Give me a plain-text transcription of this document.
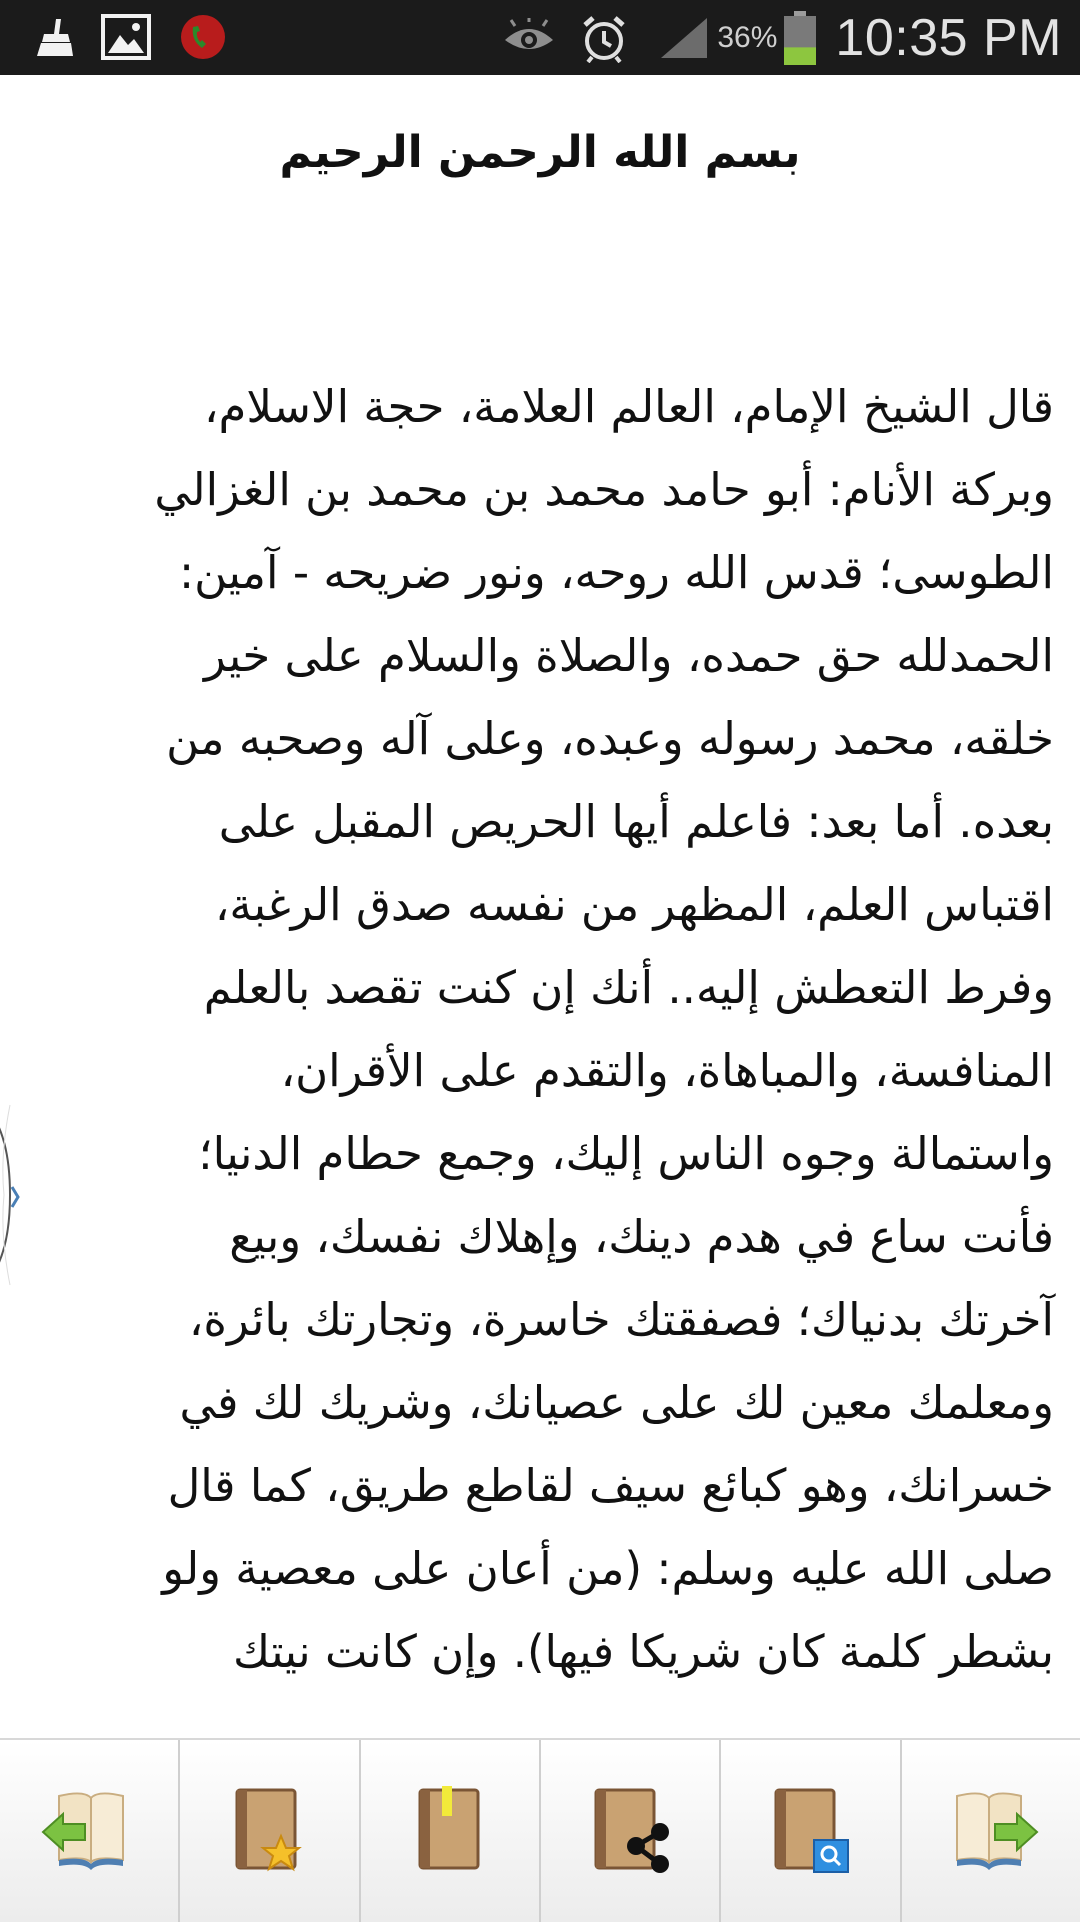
36% 10:35 PM
بسم الله الرحمن الرحيم
قال الشيخ الإمام، العالم العلامة، حجة الاسلام،
وبركة الأنام: أبو حامد محمد بن محمد بن الغزالي
الطوسى؛ قدس الله روحه، ونور ضريحه - آمين:
الحمدلله حق حمده، والصلاة والسلام على خير
خلقه، محمد رسوله وعبده، وعلى آله وصحبه من
بعده. أما بعد: فاعلم أيها الحريص المقبل على
اقتباس العلم، المظهر من نفسه صدق الرغبة،
وفرط التعطش إليه.. أنك إن كنت تقصد بالعلم
المنافسة، والمباهاة، والتقدم على الأقران،
واستمالة وجوه الناس إليك، وجمع حطام الدنيا؛
فأنت ساع في هدم دينك، وإهلاك نفسك، وبيع
آخرتك بدنياك؛ فصفقتك خاسرة، وتجارتك بائرة،
ومعلمك معين لك على عصيانك، وشريك لك في
خسرانك، وهو كبائع سيف لقاطع طريق، كما قال
صلى الله عليه وسلم: (من أعان على معصية ولو
بشطر كلمة كان شريكا فيها). وإن كانت نيتك
